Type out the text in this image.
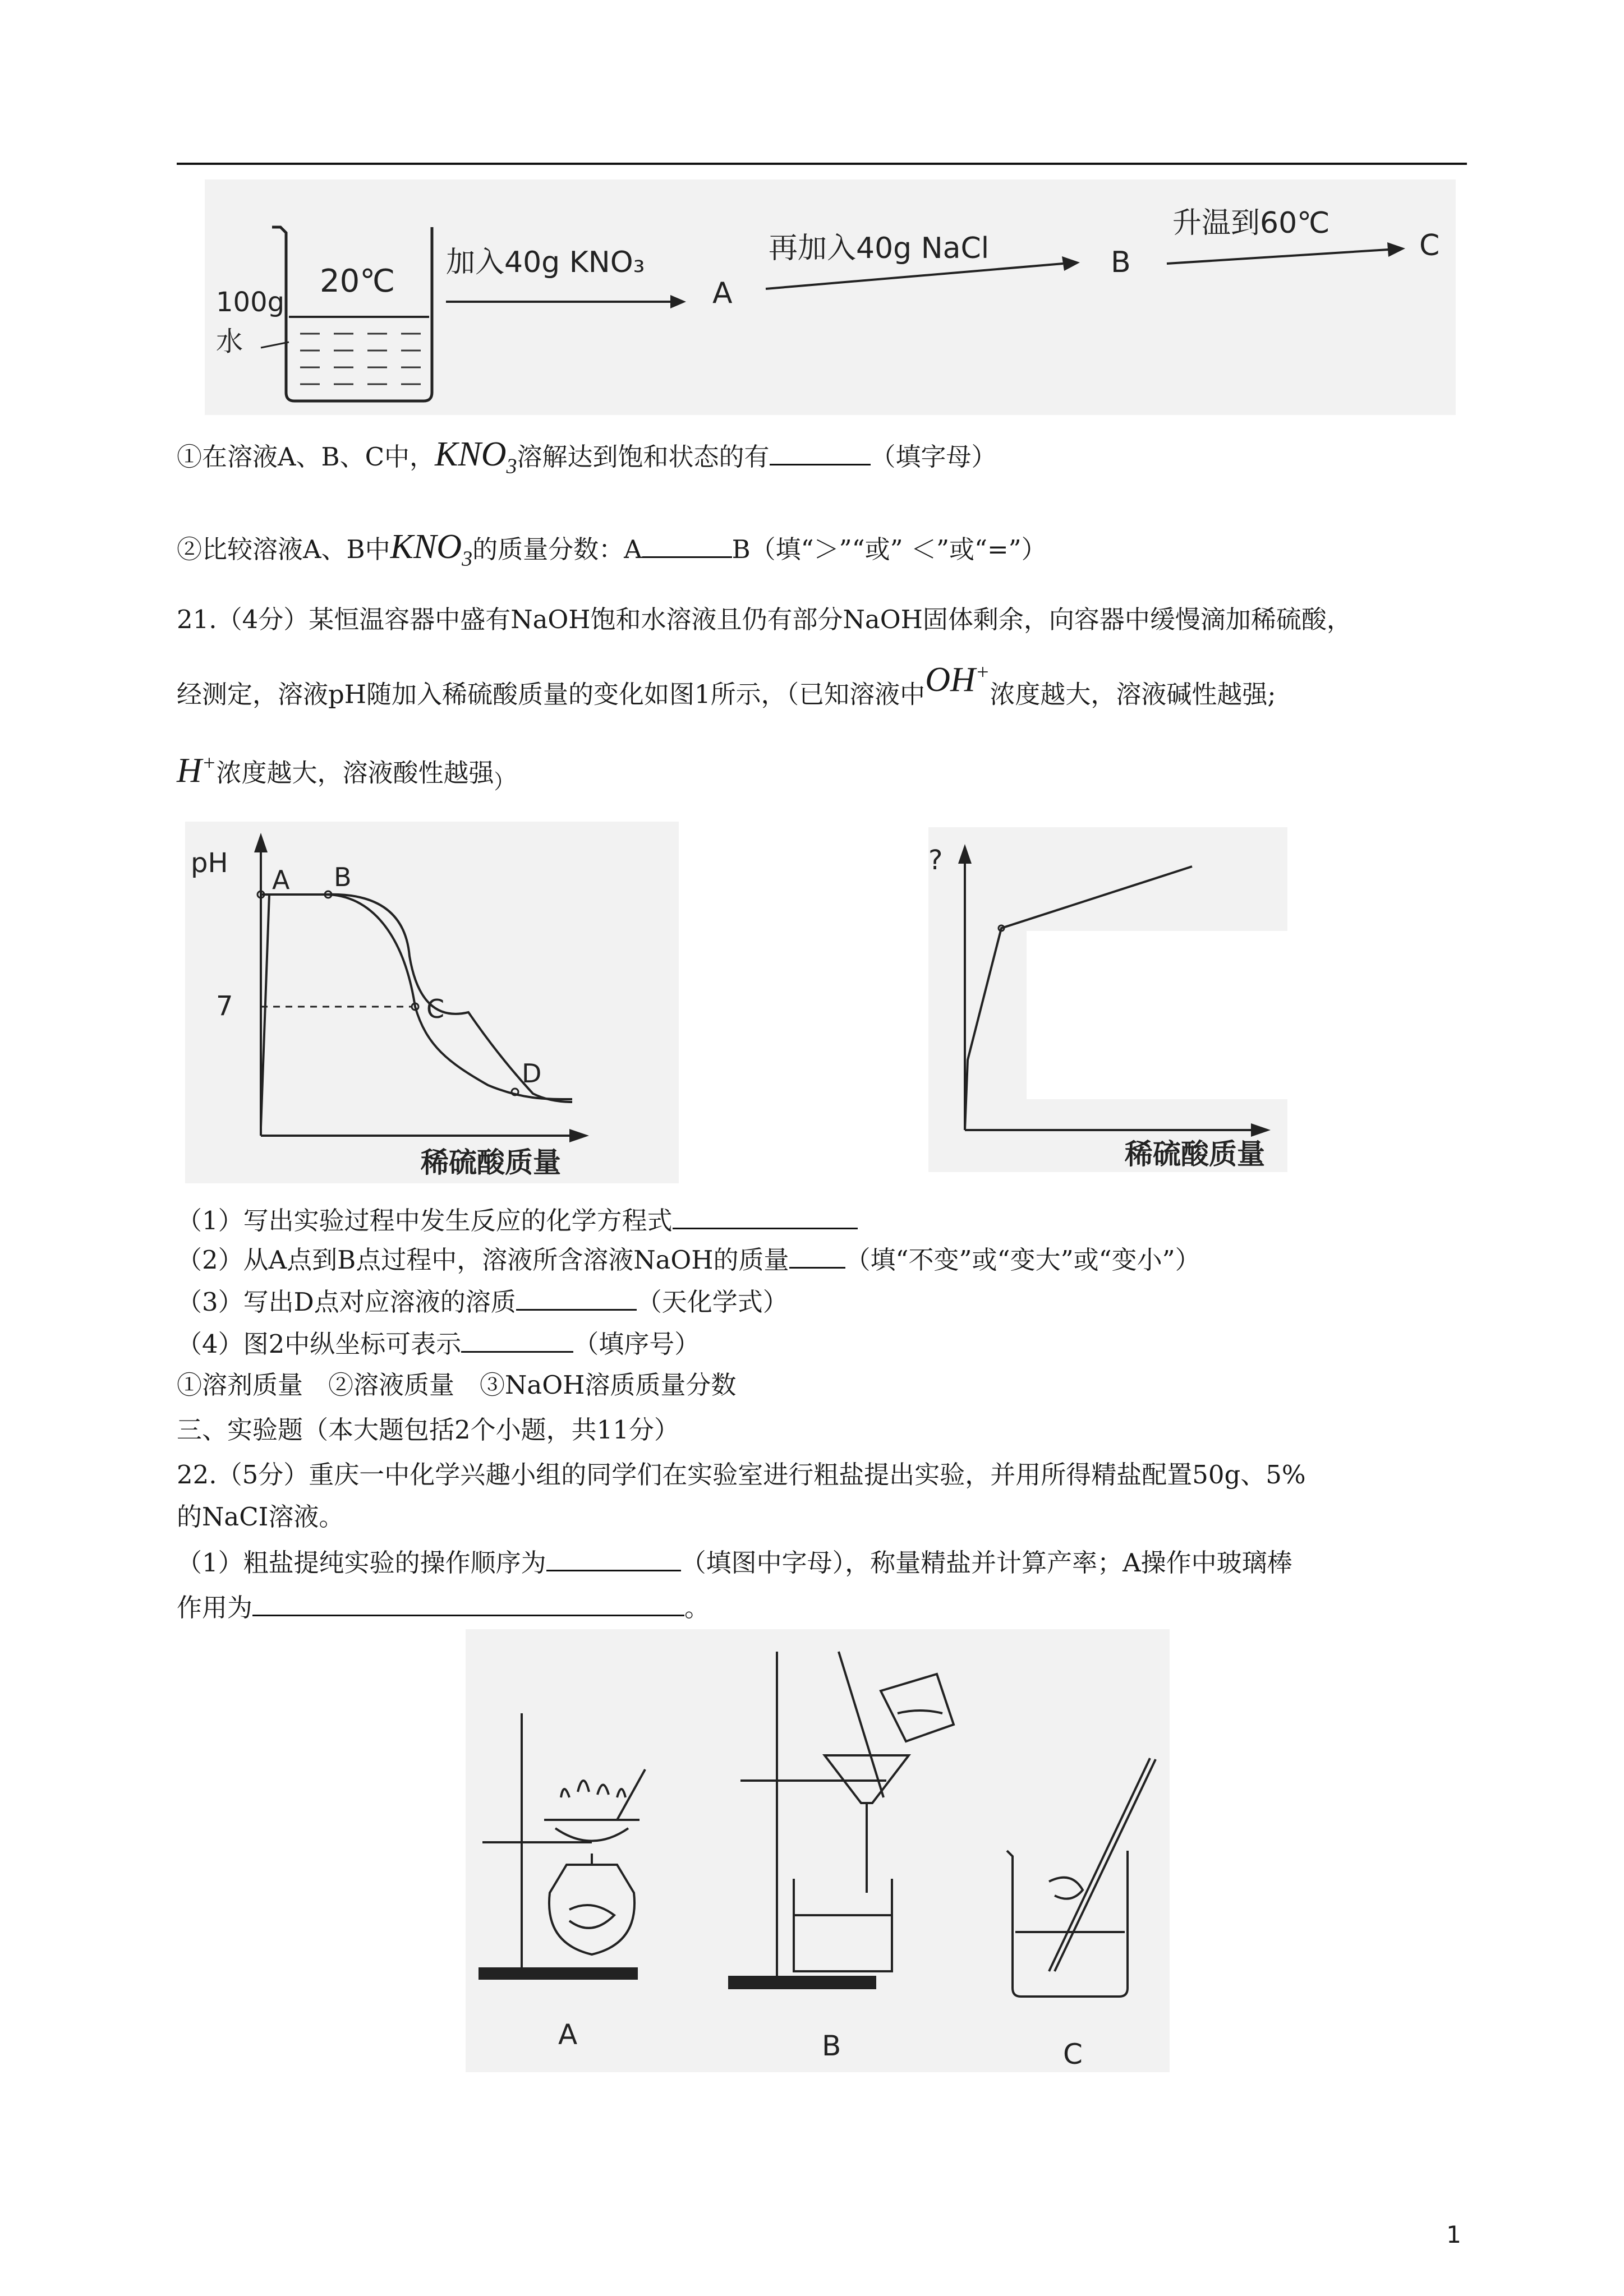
100g
水
20℃
加入40g KNO₃
A
再加入40g NaCl	B
升温到60℃
C
①在溶液A、B、C中，$KNO_3$溶解达到饱和状态的有	（填字母）
②比较溶液A、B中$KNO_3$的质量分数：A	B（填“＞”“或” ＜”或“=”）
21.（4分）某恒温容器中盛有NaOH饱和水溶液且仍有部分NaOH固体剩余，向容器中缓慢滴加稀硫酸，
经测定，溶液pH随加入稀硫酸质量的变化如图1所示，（已知溶液中OH+浓度越大，溶液碱性越强;
H+浓度越大，溶液酸性越强$_)$
pH
A B
C
D
7
稀硫酸质量
?
稀硫酸质量
（1）写出实验过程中发生反应的化学方程式
（2）从A点到B点过程中，溶液所含溶液NaOH的质量 （填“不变”或“变大”或“变小”）
（3）写出D点对应溶液的溶质	（天化学式）
（4）图2中纵坐标可表示	（填序号）
①溶剂质量　②溶液质量　③NaOH溶质质量分数
三、实验题（本大题包括2个小题，共11分）
22.（5分）重庆一中化学兴趣小组的同学们在实验室进行粗盐提出实验，并用所得精盐配置50g、5%
的NaCI溶液。
（1）粗盐提纯实验的操作顺序为	（填图中字母），称量精盐并计算产率；A操作中玻璃棒
作用为	。
A	B	C
1
